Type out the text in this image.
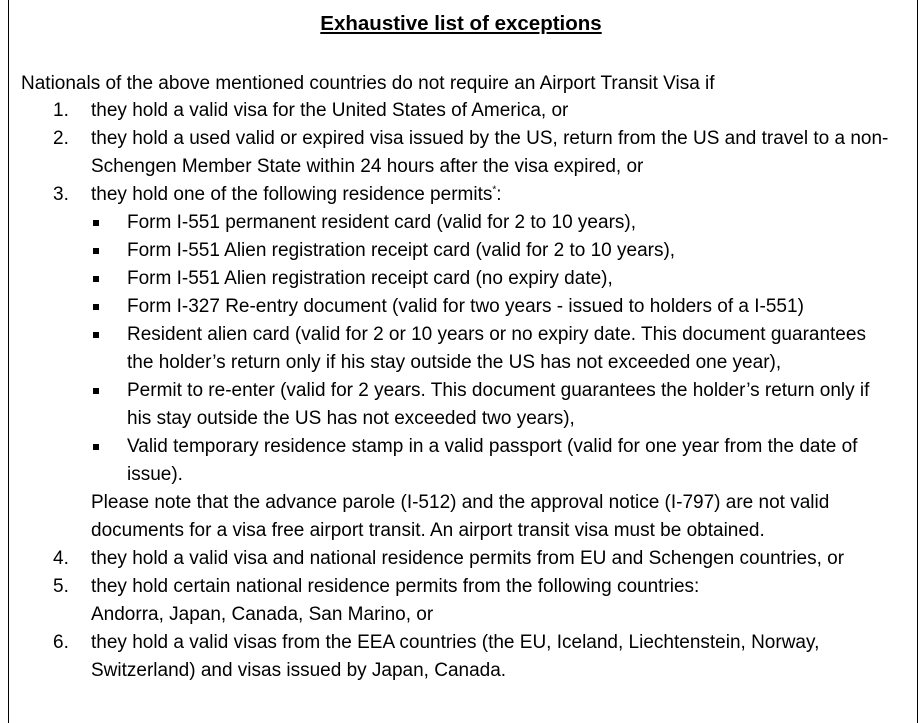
Exhaustive list of exceptions
Nationals of the above mentioned countries do not require an Airport Transit Visa if
1. they hold a valid visa for the United States of America, or
2. they hold a used valid or expired visa issued by the US, return from the US and travel to a non-Schengen Member State within 24 hours after the visa expired, or
3. they hold one of the following residence permits*:
Form I-551 permanent resident card (valid for 2 to 10 years),
Form I-551 Alien registration receipt card (valid for 2 to 10 years),
Form I-551 Alien registration receipt card (no expiry date),
Form I-327 Re-entry document (valid for two years - issued to holders of a I-551)
Resident alien card (valid for 2 or 10 years or no expiry date. This document guarantees the holder’s return only if his stay outside the US has not exceeded one year),
Permit to re-enter (valid for 2 years. This document guarantees the holder’s return only if his stay outside the US has not exceeded two years),
Valid temporary residence stamp in a valid passport (valid for one year from the date of issue).
Please note that the advance parole (I-512) and the approval notice (I-797) are not valid documents for a visa free airport transit. An airport transit visa must be obtained.
4. they hold a valid visa and national residence permits from EU and Schengen countries, or
5. they hold certain national residence permits from the following countries:
Andorra, Japan, Canada, San Marino, or
6. they hold a valid visas from the EEA countries (the EU, Iceland, Liechtenstein, Norway, Switzerland) and visas issued by Japan, Canada.
